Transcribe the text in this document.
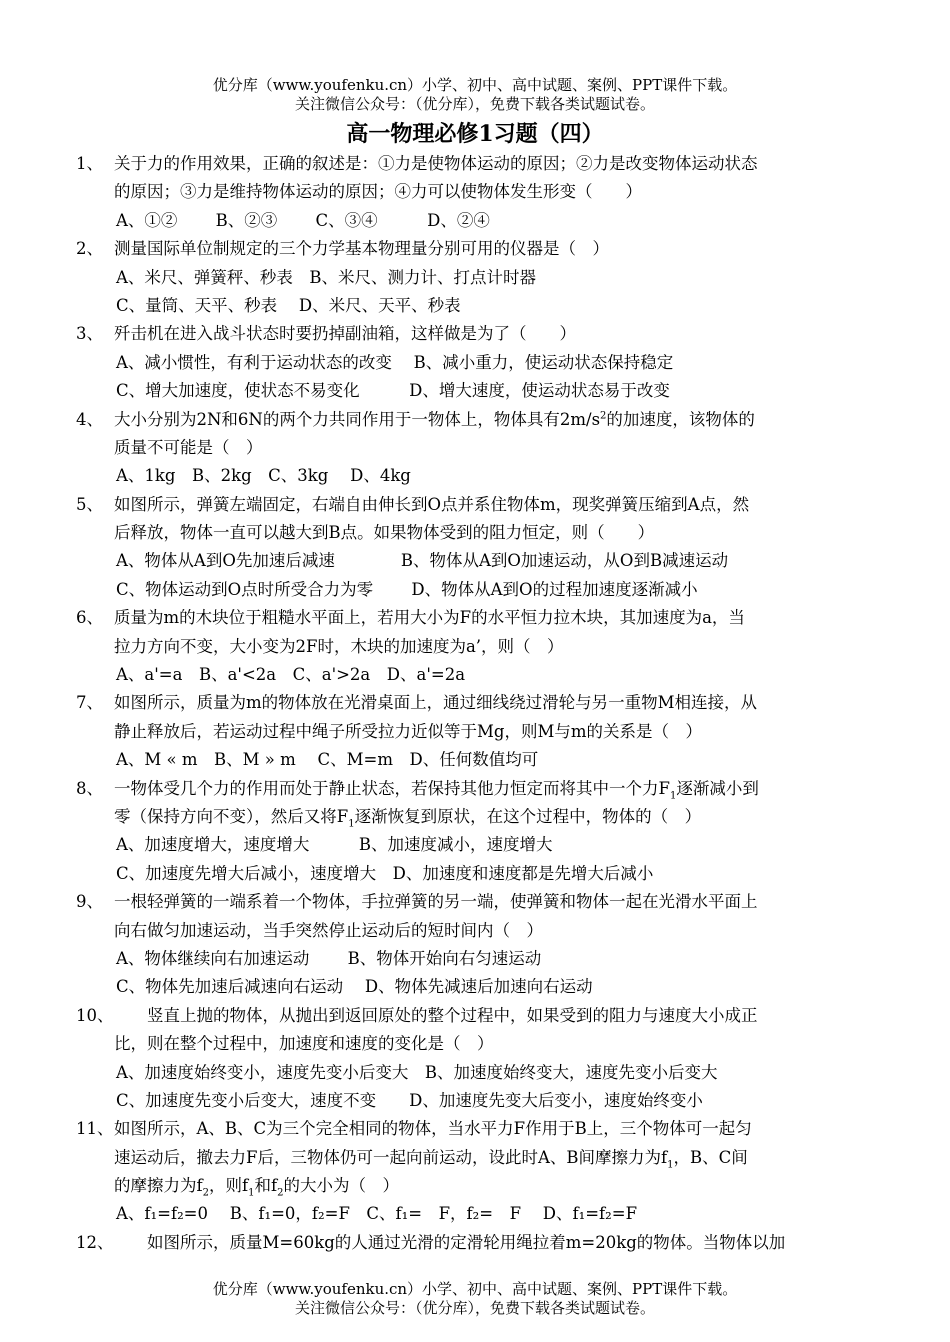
优分库（www.youfenku.cn）小学、初中、高中试题、案例、PPT课件下载。
关注微信公众号：（优分库），免费下载各类试题试卷。
高一物理必修1习题（四）
1、 关于力的作用效果，正确的叙述是：①力是使物体运动的原因；②力是改变物体运动状态
的原因；③力是维持物体运动的原因；④力可以使物体发生形变（　　）
A、①②　　 B、②③　　 C、③④　　　D、②④
2、 测量国际单位制规定的三个力学基本物理量分别可用的仪器是（　）
A、米尺、弹簧秤、秒表　B、米尺、测力计、打点计时器
C、量筒、天平、秒表　 D、米尺、天平、秒表
3、 歼击机在进入战斗状态时要扔掉副油箱，这样做是为了（　　）
A、减小惯性，有利于运动状态的改变　 B、减小重力，使运动状态保持稳定
C、增大加速度，使状态不易变化　　　D、增大速度，使运动状态易于改变
4、 大小分别为2N和6N的两个力共同作用于一物体上，物体具有$2m/s^2$的加速度，该物体的
质量不可能是（　）
A、1kg　B、2kg　C、3kg　 D、4kg
5、 如图所示，弹簧左端固定，右端自由伸长到O点并系住物体m，现奖弹簧压缩到A点，然
后释放，物体一直可以越大到B点。如果物体受到的阻力恒定，则（　　）
A、物体从A到O先加速后减速　　　　B、物体从A到O加速运动，从O到B减速运动
C、物体运动到O点时所受合力为零　　 D、物体从A到O的过程加速度逐渐减小
6、 质量为m的木块位于粗糙水平面上，若用大小为F的水平恒力拉木块，其加速度为a，当
拉力方向不变，大小变为2F时，木块的加速度为a’，则（　）
A、a'=a　B、a'<2a　C、a'>2a　D、a'=2a
7、 如图所示，质量为m的物体放在光滑桌面上，通过细线绕过滑轮与另一重物M相连接，从
静止释放后，若运动过程中绳子所受拉力近似等于Mg，则M与m的关系是（　）
A、M « m　B、M » m　 C、M=m　D、任何数值均可
8、 一物体受几个力的作用而处于静止状态，若保持其他力恒定而将其中一个力$F_1$逐渐减小到
零（保持方向不变），然后又将$F_1$逐渐恢复到原状，在这个过程中，物体的（　）
A、加速度增大，速度增大　　　B、加速度减小，速度增大
C、加速度先增大后减小，速度增大　D、加速度和速度都是先增大后减小
9、 一根轻弹簧的一端系着一个物体，手拉弹簧的另一端，使弹簧和物体一起在光滑水平面上
向右做匀加速运动，当手突然停止运动后的短时间内（　）
A、物体继续向右加速运动　　 B、物体开始向右匀速运动
C、物体先加速后减速向右运动　 D、物体先减速后加速向右运动
10、 　　竖直上抛的物体，从抛出到返回原处的整个过程中，如果受到的阻力与速度大小成正
比，则在整个过程中，加速度和速度的变化是（　）
A、加速度始终变小，速度先变小后变大　B、加速度始终变大，速度先变小后变大
C、加速度先变小后变大，速度不变　　D、加速度先变大后变小，速度始终变小
11、 如图所示，A、B、C为三个完全相同的物体，当水平力F作用于B上，三个物体可一起匀
速运动后，撤去力F后，三物体仍可一起向前运动，设此时A、B间摩擦力为$f_1$，B、C间
的摩擦力为$f_2$，则$f_1$和$f_2$的大小为（　）
A、f₁=f₂=0　 B、f₁=0，f₂=F　C、f₁=　F，f₂=　F　 D、f₁=f₂=F
12、 　　如图所示，质量M=60kg的人通过光滑的定滑轮用绳拉着m=20kg的物体。当物体以加
优分库（www.youfenku.cn）小学、初中、高中试题、案例、PPT课件下载。
关注微信公众号：（优分库），免费下载各类试题试卷。
